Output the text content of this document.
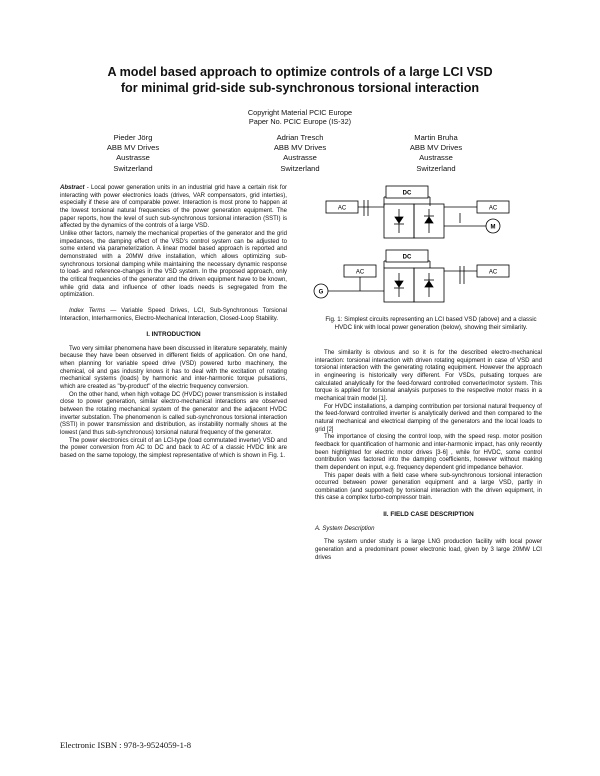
A model based approach to optimize controls of a large LCI VSD
for minimal grid-side sub-synchronous torsional interaction
Copyright Material PCIC Europe
Paper No. PCIC Europe (IS-32)
Pieder Jörg
ABB MV Drives
Austrasse
Switzerland
Adrian Tresch
ABB MV Drives
Austrasse
Switzerland
Martin Bruha
ABB MV Drives
Austrasse
Switzerland

Abstract - Local power generation units in an industrial grid have a certain risk for interacting with power electronics loads (drives, VAR compensators, grid interties), especially if these are of comparable power. Interaction is most prone to happen at the lowest torsional natural frequencies of the power generation equipment. The paper reports, how the level of such sub-synchronous torsional interaction (SSTI) is affected by the dynamics of the controls of a large VSD.

Unlike other factors, namely the mechanical properties of the generator and the grid impedances, the damping effect of the VSD's control system can be adjusted to some extend via parameterization. A linear model based approach is reported and demonstrated with a 20MW drive installation, which allows optimizing sub-synchronous torsional damping while maintaining the necessary dynamic response to load- and reference-changes in the VSD system. In the proposed approach, only the critical frequencies of the generator and the driven equipment have to be known, while grid data and influence of other loads needs is segregated from the optimization.

Index Terms — Variable Speed Drives, LCI, Sub-Synchronous Torsional Interaction, Interharmonics, Electro-Mechanical Interaction, Closed-Loop Stability.

I. INTRODUCTION

Two very similar phenomena have been discussed in literature separately, mainly because they have been observed in different fields of application. On one hand, when planning for variable speed drive (VSD) powered turbo machinery, the chemical, oil and gas industry knows it has to deal with the excitation of rotating mechanical systems (loads) by harmonic and inter-harmonic torque pulsations, which are created as "by-product" of the electric frequency conversion.

On the other hand, when high voltage DC (HVDC) power transmission is installed close to power generation, similar electro-mechanical interactions are observed between the rotating mechanical system of the generator and the adjacent HVDC inverter substation. The phenomenon is called sub-synchronous torsional interaction (SSTI) in power transmission and distribution, as instability normally shows at the lowest (and thus sub-synchronous) torsional natural frequency of the generator.

The power electronics circuit of an LCI-type (load commutated inverter) VSD and the power conversion from AC to DC and back to AC of a classic HVDC link are based on the same topology, the simplest representative of which is shown in Fig. 1.

DC
AC	AC
M
DC
AC	AC
G
Fig. 1: Simplest circuits representing an LCI based VSD (above) and a classic HVDC link with local power generation (below), showing their similarity.

The similarity is obvious and so it is for the described electro-mechanical interaction: torsional interaction with driven rotating equipment in case of VSD and torsional interaction with the generating rotating equipment. However the approach in engineering is historically very different. For VSDs, pulsating torques are calculated analytically for the feed-forward controlled converter/motor system. This torque is applied for torsional analysis purposes to the respective motor mass in a mechanical train model [1].

For HVDC installations, a damping contribution per torsional natural frequency of the feed-forward controlled inverter is analytically derived and then compared to the natural mechanical and electrical damping of the generators and the local loads to grid [2]

The importance of closing the control loop, with the speed resp. motor position feedback for quantification of harmonic and inter-harmonic impact, has only recently been highlighted for electric motor drives [3-6] , while for HVDC, some control contribution was factored into the damping coefficients, however without making them dependent on input, e.g. frequency dependent grid impedance behavior.

This paper deals with a field case where sub-synchronous torsional interaction occurred between power generation equipment and a large VSD, partly in combination (and supported) by torsional interaction with the driven equipment, in this case a complex turbo-compressor train.

II. FIELD CASE DESCRIPTION
A. System Description

The system under study is a large LNG production facility with local power generation and a predominant power electronic load, given by 3 large 20MW LCI drives

Electronic ISBN : 978-3-9524059-1-8
